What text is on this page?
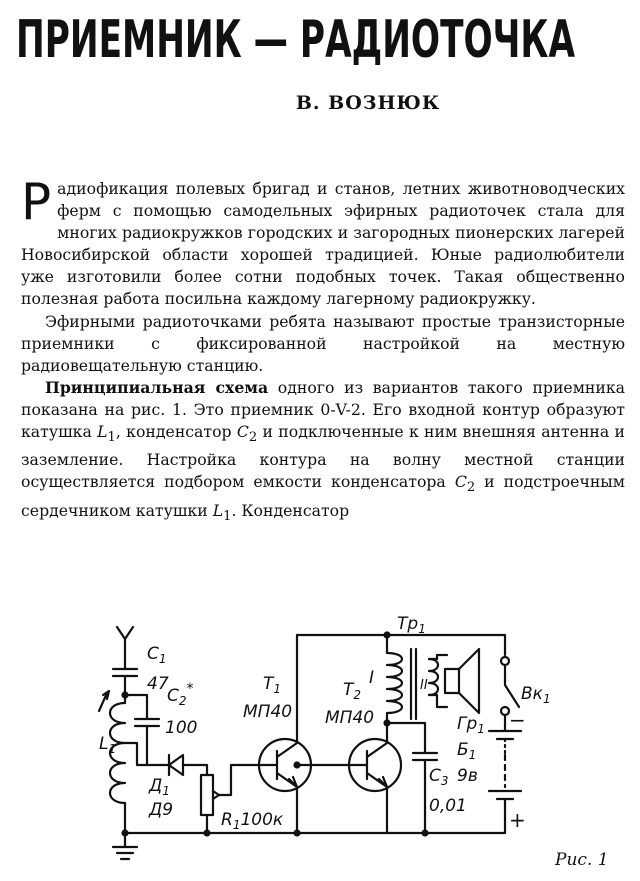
ПРИЕМНИК — РАДИОТОЧКА
В. ВОЗНЮК

Радиофикация полевых бригад и станов, летних животноводческих ферм с помощью самодельных эфирных радиоточек стала для многих радиокружков городских и загородных пионерских лагерей Новосибирской области хорошей традицией. Юные радиолюбители уже изготовили более сотни подобных точек. Такая общественно полезная работа посильна каждому лагерному радиокружку.

Эфирными радиоточками ребята называют простые транзисторные приемники с фиксированной настройкой на местную радиовещательную станцию.

Принципиальная схема одного из вариантов такого приемника показана на рис. 1. Это приемник 0-V-2. Его входной контур образуют катушка $L_1$, конденсатор $C_2$ и подключенные к ним внешняя антенна и заземление. Настройка контура на волну местной станции осуществляется подбором емкости конденсатора $C_2$ и подстроечным сердечником катушки $L_1$. Конденсатор

$C_1$
47
$C_2^*$
100
$L_1$
$Д_1$
Д9	$R_1100к$
$T_1$
МП40
$T_2$
МП40
$Тр_1$
I	II	$Вк_1$
$Гр_1$
$Б_1$
9в
$C_3$
0,01
−
+
Рис. 1
